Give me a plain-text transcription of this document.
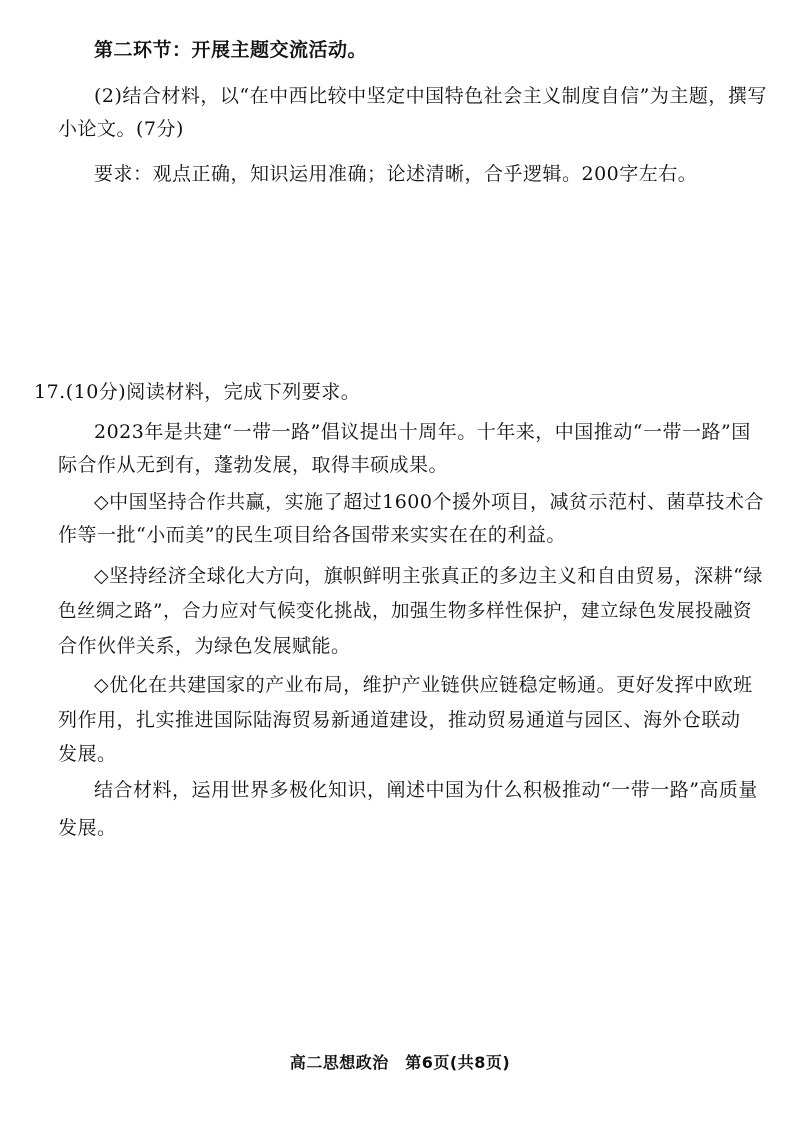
第二环节：开展主题交流活动。
(2)结合材料，以“在中西比较中坚定中国特色社会主义制度自信”为主题，撰写
小论文。(7分)
要求：观点正确，知识运用准确；论述清晰，合乎逻辑。200字左右。
17.(10分)阅读材料，完成下列要求。
2023年是共建“一带一路”倡议提出十周年。十年来，中国推动“一带一路”国
际合作从无到有，蓬勃发展，取得丰硕成果。
◇中国坚持合作共赢，实施了超过1600个援外项目，减贫示范村、菌草技术合
作等一批“小而美”的民生项目给各国带来实实在在的利益。
◇坚持经济全球化大方向，旗帜鲜明主张真正的多边主义和自由贸易，深耕“绿
色丝绸之路”，合力应对气候变化挑战，加强生物多样性保护，建立绿色发展投融资
合作伙伴关系，为绿色发展赋能。
◇优化在共建国家的产业布局，维护产业链供应链稳定畅通。更好发挥中欧班
列作用，扎实推进国际陆海贸易新通道建设，推动贸易通道与园区、海外仓联动
发展。
结合材料，运用世界多极化知识，阐述中国为什么积极推动“一带一路”高质量
发展。
高二思想政治　第6页(共8页)
